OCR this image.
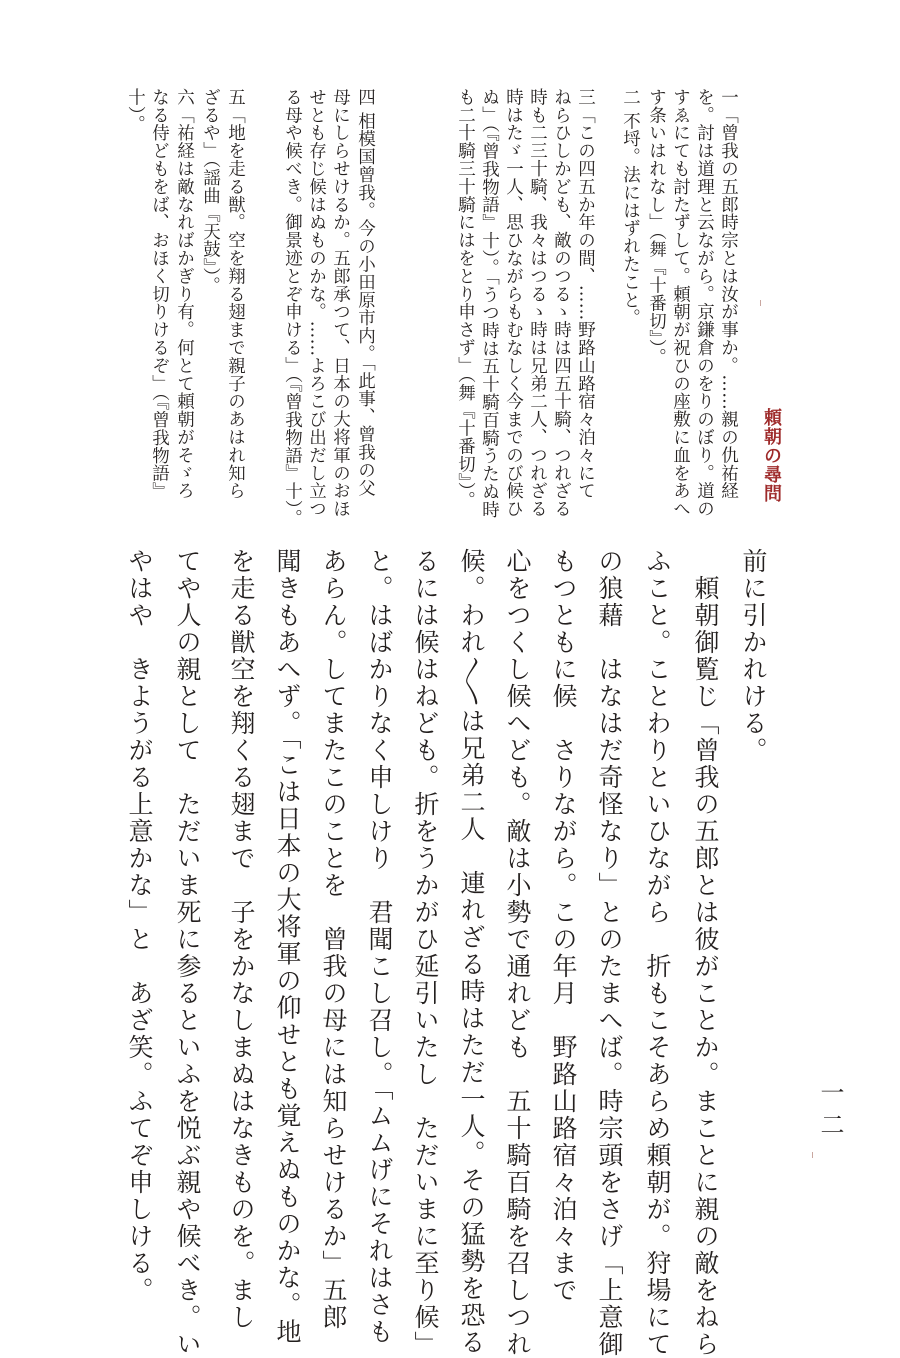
一二
頼朝の尋問
一「曾我の五郎時宗とは汝が事か。……親の仇祐経
を。討は道理と云ながら。京鎌倉のをりのぼり。道の
すゑにても討たずして。頼朝が祝ひの座敷に血をあへ
す条いはれなし」（舞『十番切』）。
二 不埒。法にはずれたこと。
三「この四五か年の間、……野路山路宿々泊々にて
ねらひしかども、敵のつるゝ時は四五十騎、つれざる
時も二三十騎、我々はつるゝ時は兄弟二人、つれざる
時はたゞ一人、思ひながらもむなしく今までのび候ひ
ぬ」（『曾我物語』十）。「うつ時は五十騎百騎うたぬ時
も二十騎三十騎にはをとり申さず」（舞『十番切』）。
四 相模国曾我。今の小田原市内。「此事、曾我の父
母にしらせけるか。五郎承つて、日本の大将軍のおほ
せとも存じ候はぬものかな。……よろこび出だし立つ
る母や候べき。御景迹とぞ申ける」（『曾我物語』十）。
五「地を走る獣。空を翔る翅まで親子のあはれ知ら
ざるや」（謡曲『天鼓』）。
六「祐経は敵なればかぎり有。何とて頼朝がそゞろ
なる侍どもをば、おほく切りけるぞ」（『曾我物語』
十）。
前に引かれける。
　頼朝御覧じ「曾我の五郎とは彼がことか。まことに親の敵をねら
ふこと。ことわりといひながら　折もこそあらめ頼朝が。狩場にて
の狼藉　はなはだ奇怪なり」とのたまへば。時宗頭をさげ「上意御
もつともに候　さりながら。この年月　野路山路宿々泊々まで
心をつくし候へども。敵は小勢で通れども　五十騎百騎を召しつれ
候。われ〳〵は兄弟二人　連れざる時はただ一人。その猛勢を恐る
るには候はねども。折をうかがひ延引いたし　ただいまに至り候」
と。はばかりなく申しけり　君聞こし召し。「ムムげにそれはさも
あらん。してまたこのことを　曾我の母には知らせけるか」五郎
聞きもあへず。「こは日本の大将軍の仰せとも覚えぬものかな。地
を走る獣空を翔くる翅まで　子をかなしまぬはなきものを。まし
てや人の親として　ただいま死に参るといふを悦ぶ親や候べき。い
やはや　きようがる上意かな」と　あざ笑。ふてぞ申しける。
